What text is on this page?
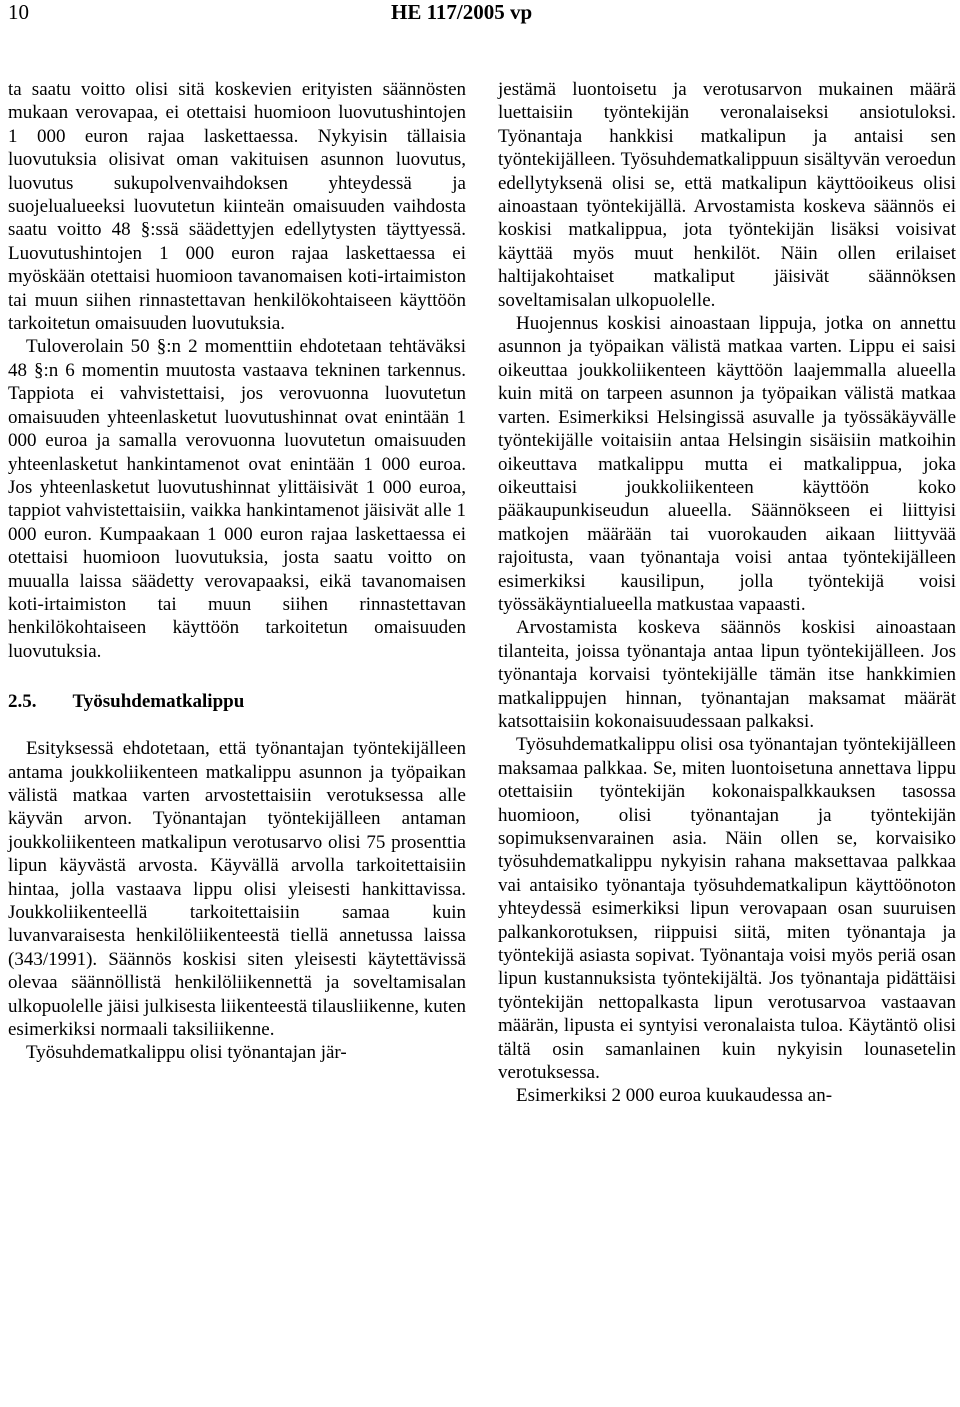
10	HE 117/2005 vp

ta saatu voitto olisi sitä koskevien erityisten säännösten mukaan verovapaa, ei otettaisi huomioon luovutushintojen 1 000 euron rajaa laskettaessa. Nykyisin tällaisia luovutuksia olisivat oman vakituisen asunnon luovutus, luovutus sukupolvenvaihdoksen yhteydessä ja suojelualueeksi luovutetun kiinteän omaisuuden vaihdosta saatu voitto 48 §:ssä säädettyjen edellytysten täyttyessä. Luovutushintojen 1 000 euron rajaa laskettaessa ei myöskään otettaisi huomioon tavanomaisen koti-irtaimiston tai muun siihen rinnastettavan henkilökohtaiseen käyttöön tarkoitetun omaisuuden luovutuksia.

Tuloverolain 50 §:n 2 momenttiin ehdotetaan tehtäväksi 48 §:n 6 momentin muutosta vastaava tekninen tarkennus. Tappiota ei vahvistettaisi, jos verovuonna luovutetun omaisuuden yhteenlasketut luovutushinnat ovat enintään 1 000 euroa ja samalla verovuonna luovutetun omaisuuden yhteenlasketut hankintamenot ovat enintään 1 000 euroa. Jos yhteenlasketut luovutushinnat ylittäisivät 1 000 euroa, tappiot vahvistettaisiin, vaikka hankintamenot jäisivät alle 1 000 euron. Kumpaakaan 1 000 euron rajaa laskettaessa ei otettaisi huomioon luovutuksia, josta saatu voitto on muualla laissa säädetty verovapaaksi, eikä tavanomaisen koti-irtaimiston tai muun siihen rinnastettavan henkilökohtaiseen käyttöön tarkoitetun omaisuuden luovutuksia.

2.5. Työsuhdematkalippu

Esityksessä ehdotetaan, että työnantajan työntekijälleen antama joukkoliikenteen matkalippu asunnon ja työpaikan välistä matkaa varten arvostettaisiin verotuksessa alle käyvän arvon. Työnantajan työntekijälleen antaman joukkoliikenteen matkalipun verotusarvo olisi 75 prosenttia lipun käyvästä arvosta. Käyvällä arvolla tarkoitettaisiin hintaa, jolla vastaava lippu olisi yleisesti hankittavissa. Joukkoliikenteellä tarkoitettaisiin samaa kuin luvanvaraisesta henkilöliikenteestä tiellä annetussa laissa (343/1991). Säännös koskisi siten yleisesti käytettävissä olevaa säännöllistä henkilöliikennettä ja soveltamisalan ulkopuolelle jäisi julkisesta liikenteestä tilausliikenne, kuten esimerkiksi normaali taksiliikenne.

Työsuhdematkalippu olisi työnantajan jär-

jestämä luontoisetu ja verotusarvon mukainen määrä luettaisiin työntekijän veronalaiseksi ansiotuloksi. Työnantaja hankkisi matkalipun ja antaisi sen työntekijälleen. Työsuhdematkalippuun sisältyvän veroedun edellytyksenä olisi se, että matkalipun käyttöoikeus olisi ainoastaan työntekijällä. Arvostamista koskeva säännös ei koskisi matkalippua, jota työntekijän lisäksi voisivat käyttää myös muut henkilöt. Näin ollen erilaiset haltijakohtaiset matkaliput jäisivät säännöksen soveltamisalan ulkopuolelle.

Huojennus koskisi ainoastaan lippuja, jotka on annettu asunnon ja työpaikan välistä matkaa varten. Lippu ei saisi oikeuttaa joukkoliikenteen käyttöön laajemmalla alueella kuin mitä on tarpeen asunnon ja työpaikan välistä matkaa varten. Esimerkiksi Helsingissä asuvalle ja työssäkäyvälle työntekijälle voitaisiin antaa Helsingin sisäisiin matkoihin oikeuttava matkalippu mutta ei matkalippua, joka oikeuttaisi joukkoliikenteen käyttöön koko pääkaupunkiseudun alueella. Säännökseen ei liittyisi matkojen määrään tai vuorokauden aikaan liittyvää rajoitusta, vaan työnantaja voisi antaa työntekijälleen esimerkiksi kausilipun, jolla työntekijä voisi työssäkäyntialueella matkustaa vapaasti.

Arvostamista koskeva säännös koskisi ainoastaan tilanteita, joissa työnantaja antaa lipun työntekijälleen. Jos työnantaja korvaisi työntekijälle tämän itse hankkimien matkalippujen hinnan, työnantajan maksamat määrät katsottaisiin kokonaisuudessaan palkaksi.

Työsuhdematkalippu olisi osa työnantajan työntekijälleen maksamaa palkkaa. Se, miten luontoisetuna annettava lippu otettaisiin työntekijän kokonaispalkkauksen tasossa huomioon, olisi työnantajan ja työntekijän sopimuksenvarainen asia. Näin ollen se, korvaisiko työsuhdematkalippu nykyisin rahana maksettavaa palkkaa vai antaisiko työnantaja työsuhdematkalipun käyttöönoton yhteydessä esimerkiksi lipun verovapaan osan suuruisen palkankorotuksen, riippuisi siitä, miten työnantaja ja työntekijä asiasta sopivat. Työnantaja voisi myös periä osan lipun kustannuksista työntekijältä. Jos työnantaja pidättäisi työntekijän nettopalkasta lipun verotusarvoa vastaavan määrän, lipusta ei syntyisi veronalaista tuloa. Käytäntö olisi tältä osin samanlainen kuin nykyisin lounasetelin verotuksessa.

Esimerkiksi 2 000 euroa kuukaudessa an-
